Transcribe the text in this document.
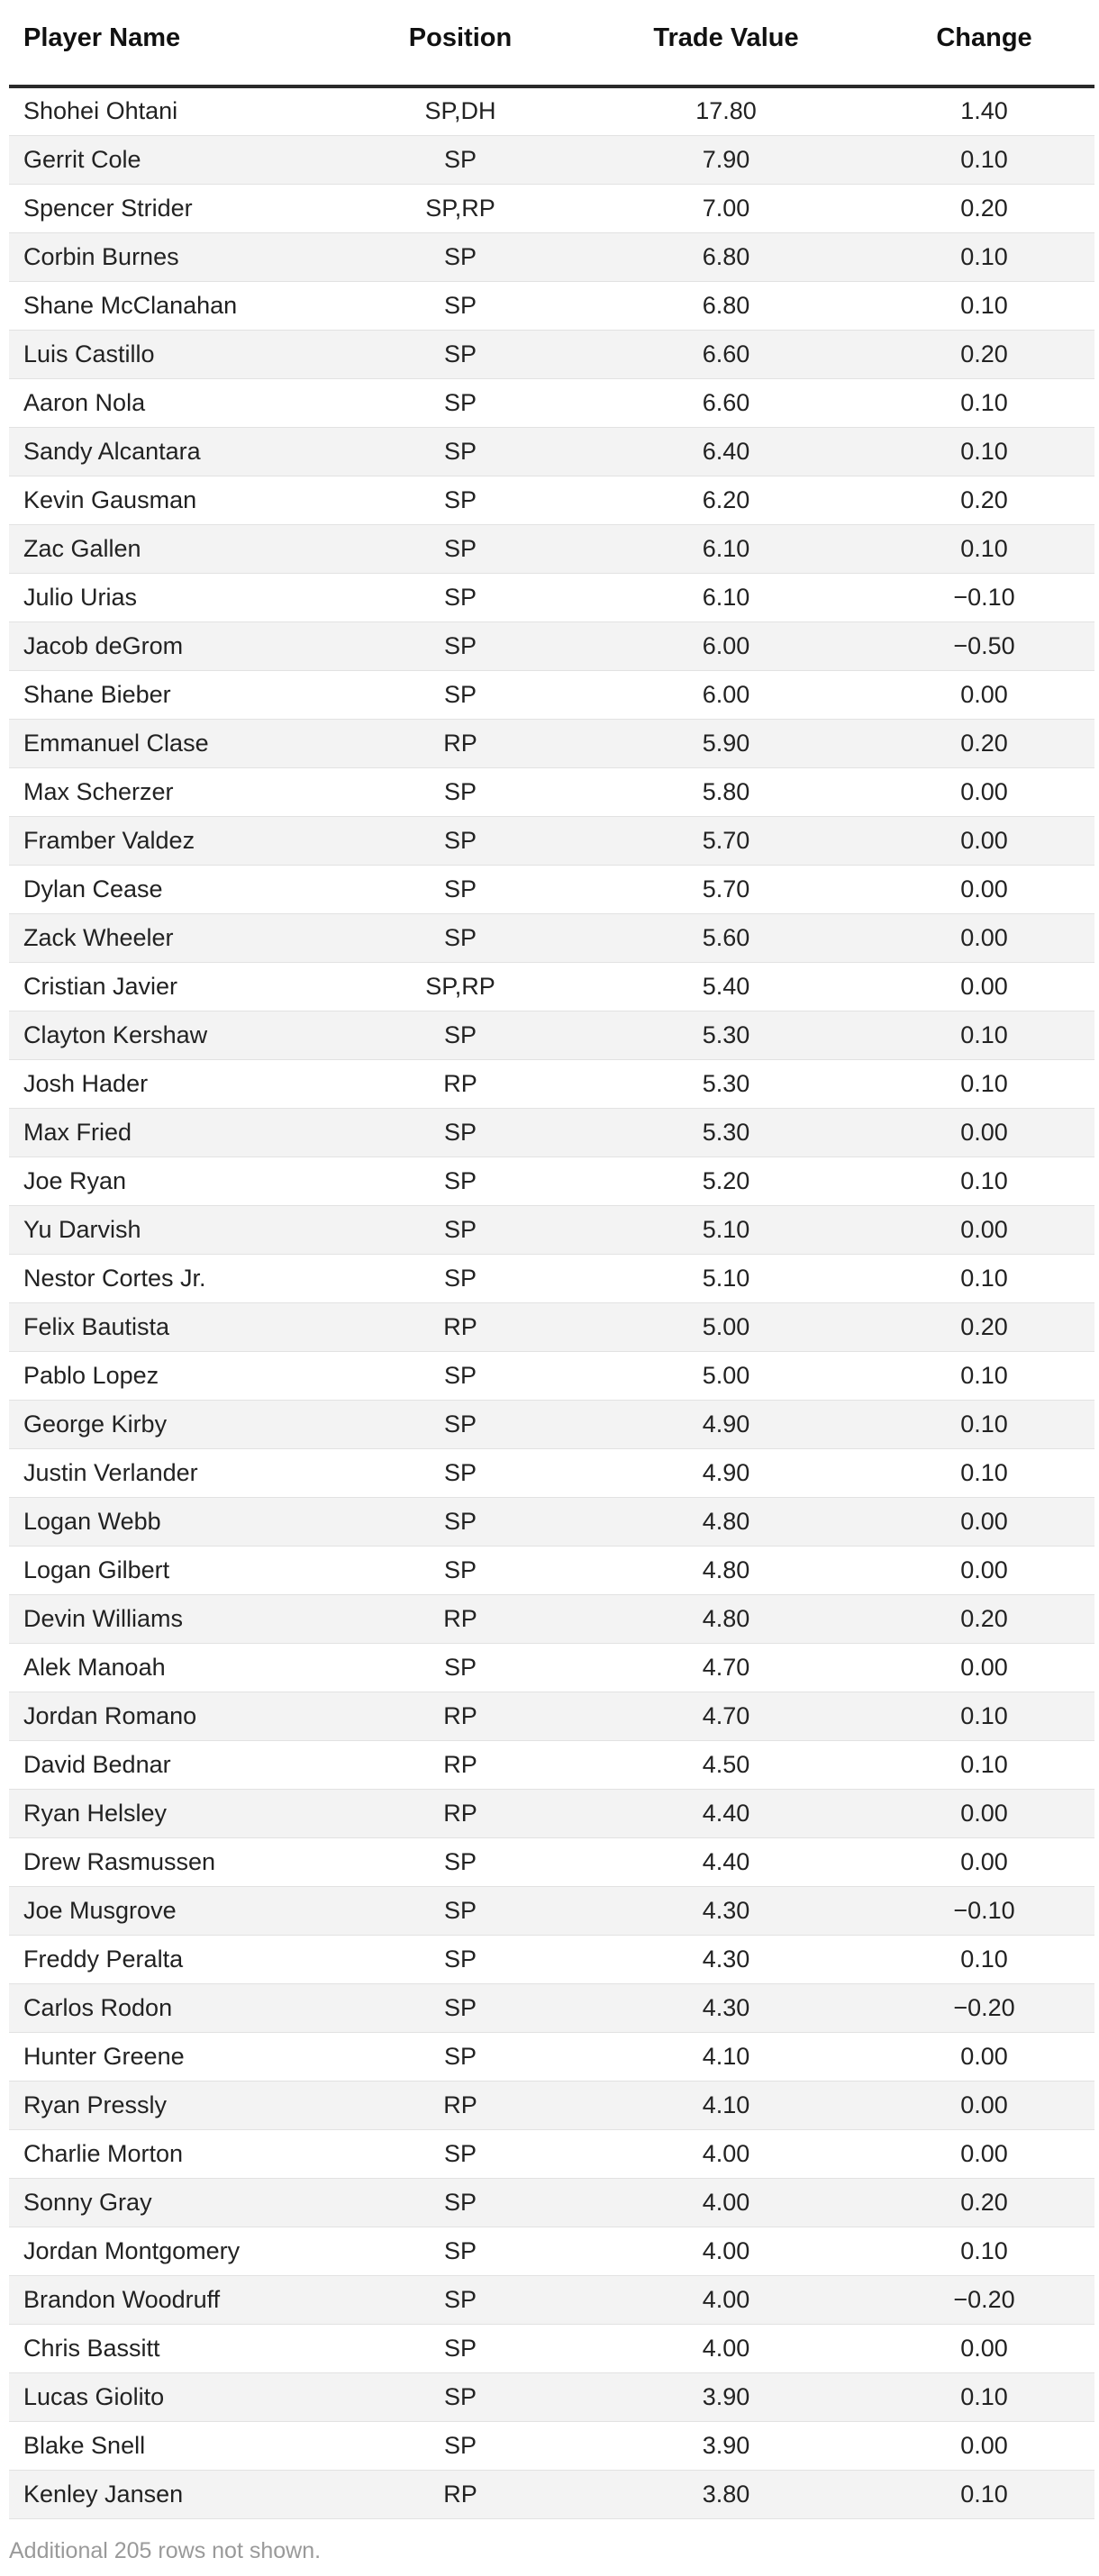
Player Name	Position	Trade Value	Change
Shohei Ohtani	SP,DH	17.80	1.40
Gerrit Cole	SP	7.90	0.10
Spencer Strider	SP,RP	7.00	0.20
Corbin Burnes	SP	6.80	0.10
Shane McClanahan	SP	6.80	0.10
Luis Castillo	SP	6.60	0.20
Aaron Nola	SP	6.60	0.10
Sandy Alcantara	SP	6.40	0.10
Kevin Gausman	SP	6.20	0.20
Zac Gallen	SP	6.10	0.10
Julio Urias	SP	6.10	−0.10
Jacob deGrom	SP	6.00	−0.50
Shane Bieber	SP	6.00	0.00
Emmanuel Clase	RP	5.90	0.20
Max Scherzer	SP	5.80	0.00
Framber Valdez	SP	5.70	0.00
Dylan Cease	SP	5.70	0.00
Zack Wheeler	SP	5.60	0.00
Cristian Javier	SP,RP	5.40	0.00
Clayton Kershaw	SP	5.30	0.10
Josh Hader	RP	5.30	0.10
Max Fried	SP	5.30	0.00
Joe Ryan	SP	5.20	0.10
Yu Darvish	SP	5.10	0.00
Nestor Cortes Jr.	SP	5.10	0.10
Felix Bautista	RP	5.00	0.20
Pablo Lopez	SP	5.00	0.10
George Kirby	SP	4.90	0.10
Justin Verlander	SP	4.90	0.10
Logan Webb	SP	4.80	0.00
Logan Gilbert	SP	4.80	0.00
Devin Williams	RP	4.80	0.20
Alek Manoah	SP	4.70	0.00
Jordan Romano	RP	4.70	0.10
David Bednar	RP	4.50	0.10
Ryan Helsley	RP	4.40	0.00
Drew Rasmussen	SP	4.40	0.00
Joe Musgrove	SP	4.30	−0.10
Freddy Peralta	SP	4.30	0.10
Carlos Rodon	SP	4.30	−0.20
Hunter Greene	SP	4.10	0.00
Ryan Pressly	RP	4.10	0.00
Charlie Morton	SP	4.00	0.00
Sonny Gray	SP	4.00	0.20
Jordan Montgomery	SP	4.00	0.10
Brandon Woodruff	SP	4.00	−0.20
Chris Bassitt	SP	4.00	0.00
Lucas Giolito	SP	3.90	0.10
Blake Snell	SP	3.90	0.00
Kenley Jansen	RP	3.80	0.10
Additional 205 rows not shown.
